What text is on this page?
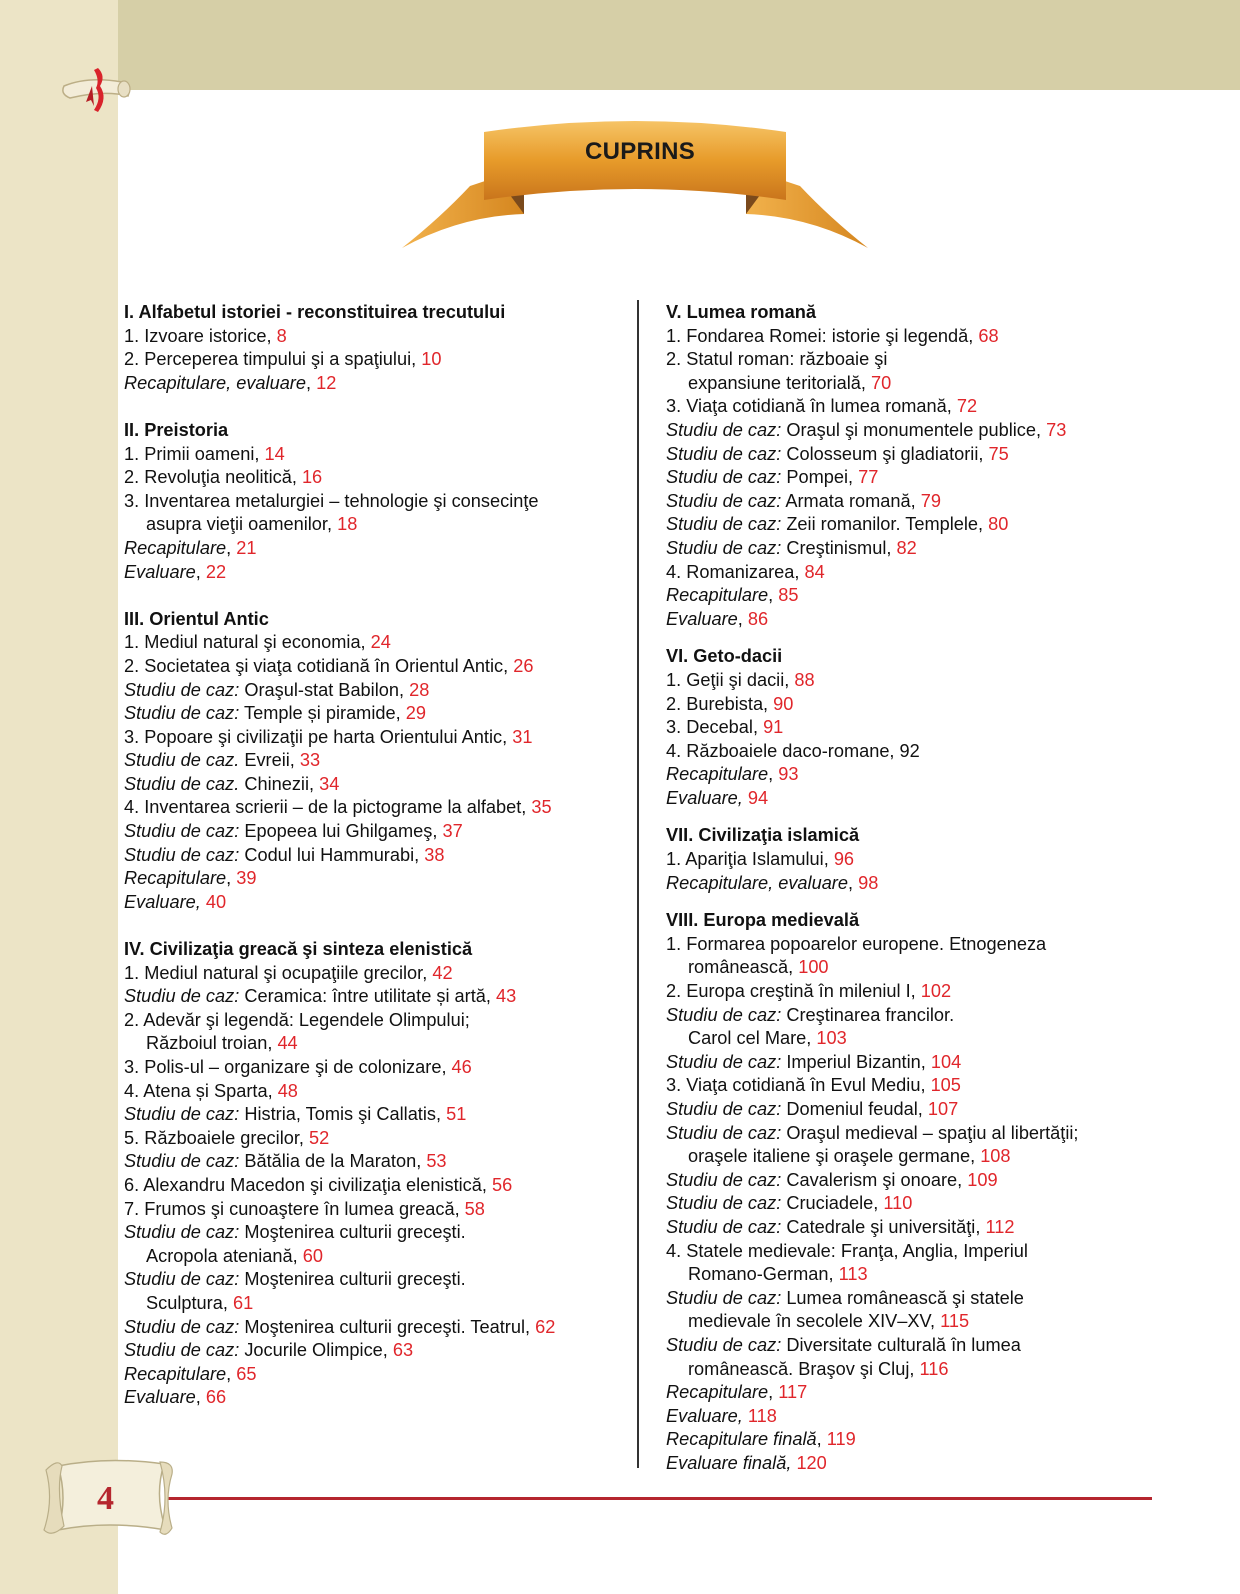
CUPRINS
I. Alfabetul istoriei - reconstituirea trecutului
1. Izvoare istorice, 8
2. Perceperea timpului şi a spaţiului, 10
Recapitulare, evaluare, 12
II. Preistoria
1. Primii oameni, 14
2. Revoluţia neolitică, 16
3. Inventarea metalurgiei – tehnologie şi consecinţe
asupra vieţii oamenilor, 18
Recapitulare, 21
Evaluare, 22
III. Orientul Antic
1. Mediul natural şi economia, 24
2. Societatea şi viaţa cotidiană în Orientul Antic, 26
Studiu de caz: Oraşul-stat Babilon, 28
Studiu de caz: Temple și piramide, 29
3. Popoare şi civilizaţii pe harta Orientului Antic, 31
Studiu de caz. Evreii, 33
Studiu de caz. Chinezii, 34
4. Inventarea scrierii – de la pictograme la alfabet, 35
Studiu de caz: Epopeea lui Ghilgameş, 37
Studiu de caz: Codul lui Hammurabi, 38
Recapitulare, 39
Evaluare, 40
IV. Civilizaţia greacă şi sinteza elenistică
1. Mediul natural şi ocupaţiile grecilor, 42
Studiu de caz: Ceramica: între utilitate și artă, 43
2. Adevăr şi legendă: Legendele Olimpului;
Războiul troian, 44
3. Polis-ul – organizare şi de colonizare, 46
4. Atena și Sparta, 48
Studiu de caz: Histria, Tomis şi Callatis, 51
5. Războaiele grecilor, 52
Studiu de caz: Bătălia de la Maraton, 53
6. Alexandru Macedon şi civilizaţia elenistică, 56
7. Frumos şi cunoaştere în lumea greacă, 58
Studiu de caz: Moştenirea culturii greceşti.
Acropola ateniană, 60
Studiu de caz: Moştenirea culturii greceşti.
Sculptura, 61
Studiu de caz: Moştenirea culturii greceşti. Teatrul, 62
Studiu de caz: Jocurile Olimpice, 63
Recapitulare, 65
Evaluare, 66
V. Lumea romană
1. Fondarea Romei: istorie şi legendă, 68
2. Statul roman: războaie şi
expansiune teritorială, 70
3. Viaţa cotidiană în lumea romană, 72
Studiu de caz: Oraşul şi monumentele publice, 73
Studiu de caz: Colosseum şi gladiatorii, 75
Studiu de caz: Pompei, 77
Studiu de caz: Armata romană, 79
Studiu de caz: Zeii romanilor. Templele, 80
Studiu de caz: Creştinismul, 82
4. Romanizarea, 84
Recapitulare, 85
Evaluare, 86
VI. Geto-dacii
1. Geţii şi dacii, 88
2. Burebista, 90
3. Decebal, 91
4. Războaiele daco-romane, 92
Recapitulare, 93
Evaluare, 94
VII. Civilizaţia islamică
1. Apariţia Islamului, 96
Recapitulare, evaluare, 98
VIII. Europa medievală
1. Formarea popoarelor europene. Etnogeneza
românească, 100
2. Europa creştină în mileniul I, 102
Studiu de caz: Creştinarea francilor.
Carol cel Mare, 103
Studiu de caz: Imperiul Bizantin, 104
3. Viaţa cotidiană în Evul Mediu, 105
Studiu de caz: Domeniul feudal, 107
Studiu de caz: Oraşul medieval – spaţiu al libertăţii;
oraşele italiene şi oraşele germane, 108
Studiu de caz: Cavalerism şi onoare, 109
Studiu de caz: Cruciadele, 110
Studiu de caz: Catedrale şi universităţi, 112
4. Statele medievale: Franţa, Anglia, Imperiul
Romano-German, 113
Studiu de caz: Lumea românească şi statele
medievale în secolele XIV–XV, 115
Studiu de caz: Diversitate culturală în lumea
românească. Braşov şi Cluj, 116
Recapitulare, 117
Evaluare, 118
Recapitulare finală, 119
Evaluare finală, 120
4
